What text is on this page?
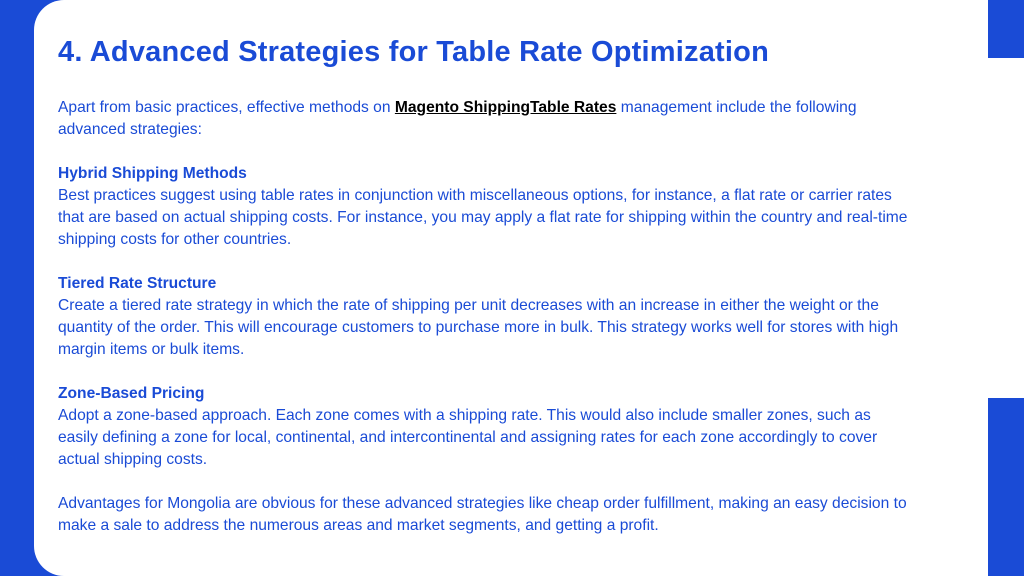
4. Advanced Strategies for Table Rate Optimization

Apart from basic practices, effective methods on Magento ShippingTable Rates management include the following advanced strategies:

Hybrid Shipping Methods
Best practices suggest using table rates in conjunction with miscellaneous options, for instance, a flat rate or carrier rates that are based on actual shipping costs. For instance, you may apply a flat rate for shipping within the country and real-time shipping costs for other countries.

Tiered Rate Structure
Create a tiered rate strategy in which the rate of shipping per unit decreases with an increase in either the weight or the quantity of the order. This will encourage customers to purchase more in bulk. This strategy works well for stores with high margin items or bulk items.

Zone-Based Pricing
Adopt a zone-based approach. Each zone comes with a shipping rate. This would also include smaller zones, such as easily defining a zone for local, continental, and intercontinental and assigning rates for each zone accordingly to cover actual shipping costs.

Advantages for Mongolia are obvious for these advanced strategies like cheap order fulfillment, making an easy decision to make a sale to address the numerous areas and market segments, and getting a profit.
